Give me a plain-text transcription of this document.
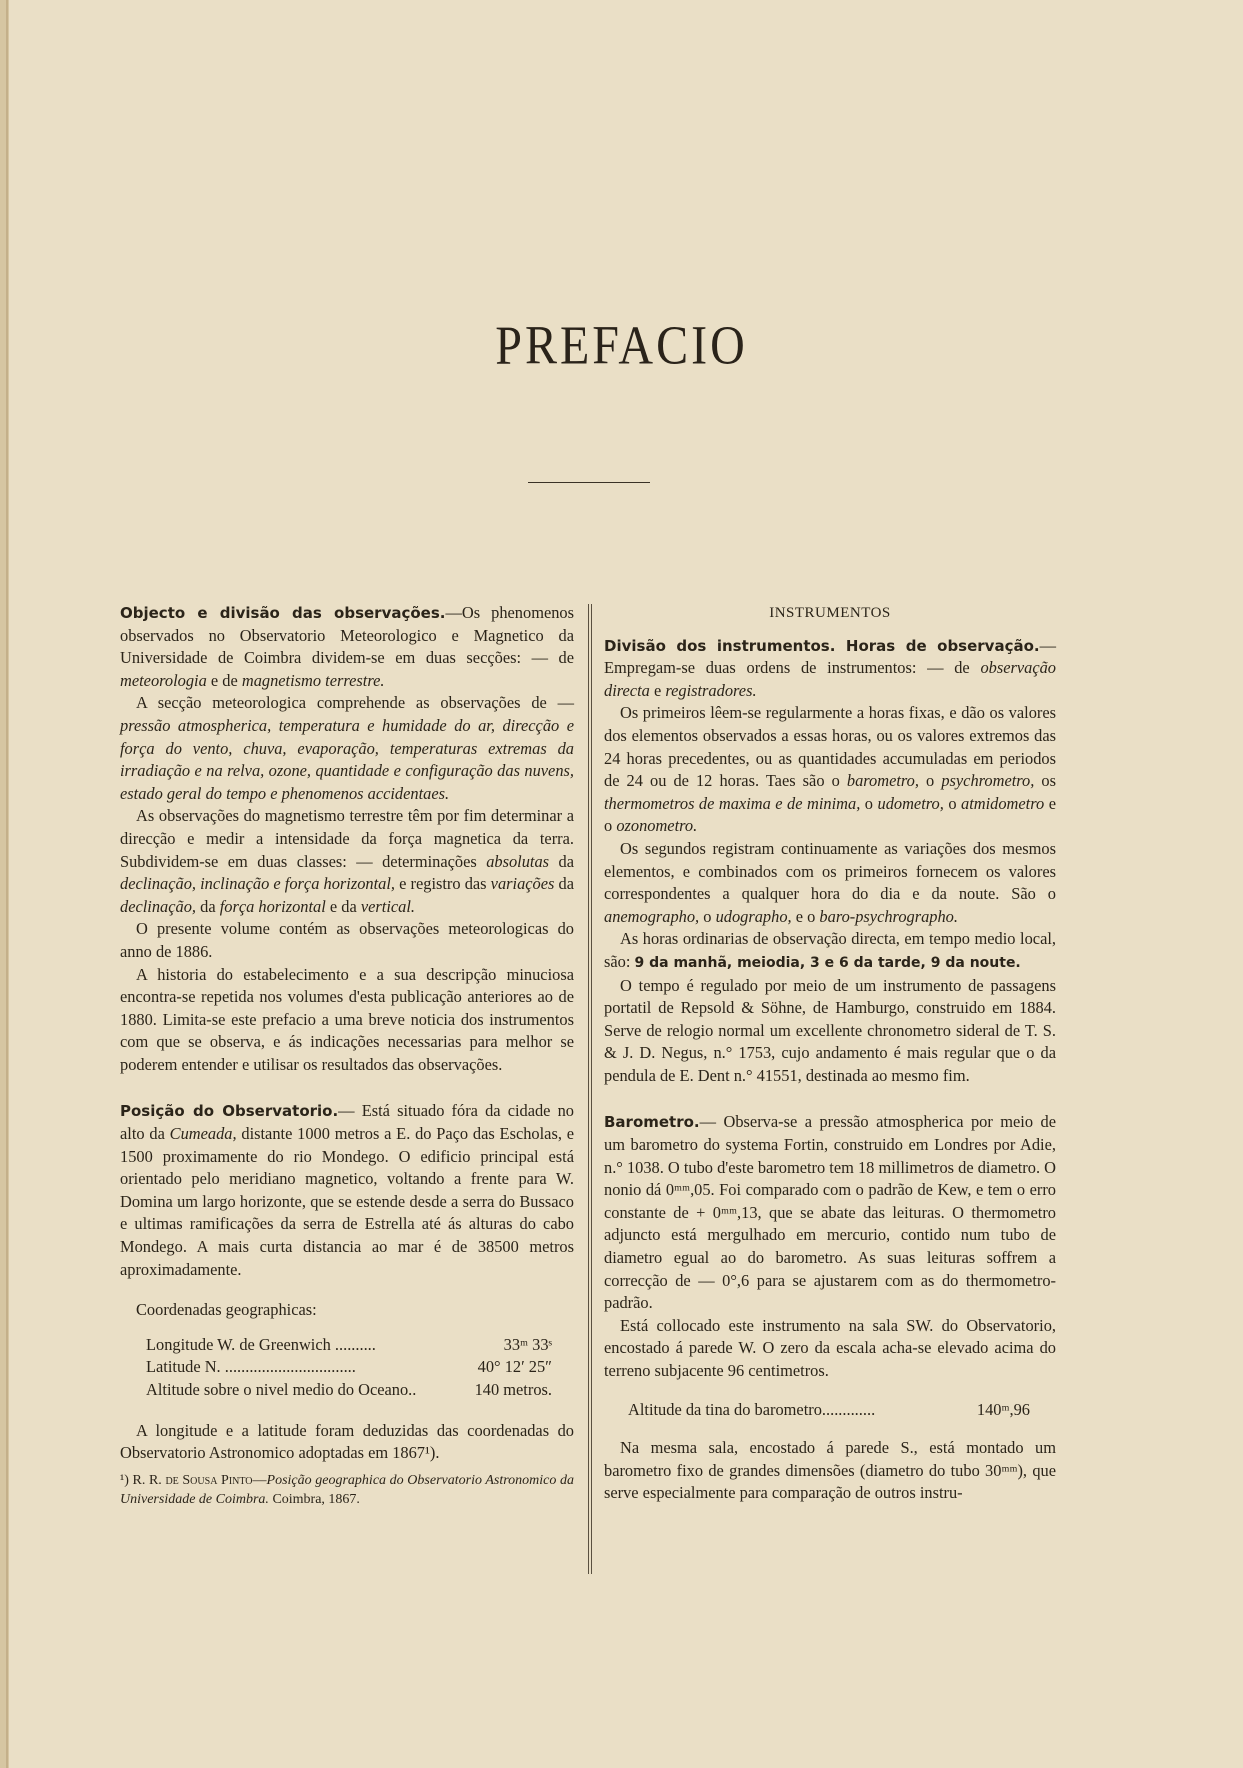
PREFACIO

Objecto e divisão das observações.—Os phenomenos observados no Observatorio Meteorologico e Magnetico da Universidade de Coimbra dividem-se em duas secções: — de meteorologia e de magnetismo terrestre.

A secção meteorologica comprehende as observações de — pressão atmospherica, temperatura e humidade do ar, direcção e força do vento, chuva, evaporação, temperaturas extremas da irradiação e na relva, ozone, quantidade e configuração das nuvens, estado geral do tempo e phenomenos accidentaes.

As observações do magnetismo terrestre têm por fim determinar a direcção e medir a intensidade da força magnetica da terra. Subdividem-se em duas classes: — determinações absolutas da declinação, inclinação e força horizontal, e registro das variações da declinação, da força horizontal e da vertical.

O presente volume contém as observações meteorologicas do anno de 1886.

A historia do estabelecimento e a sua descripção minuciosa encontra-se repetida nos volumes d'esta publicação anteriores ao de 1880. Limita-se este prefacio a uma breve noticia dos instrumentos com que se observa, e ás indicações necessarias para melhor se poderem entender e utilisar os resultados das observações.

Posição do Observatorio.— Está situado fóra da cidade no alto da Cumeada, distante 1000 metros a E. do Paço das Escholas, e 1500 proximamente do rio Mondego. O edificio principal está orientado pelo meridiano magnetico, voltando a frente para W. Domina um largo horizonte, que se estende desde a serra do Bussaco e ultimas ramificações da serra de Estrella até ás alturas do cabo Mondego. A mais curta distancia ao mar é de 38500 metros aproximadamente.

Coordenadas geographicas:

Longitude W. de Greenwich ..........	33ᵐ 33ˢ
Latitude N. ................................	40° 12′ 25″
Altitude sobre o nivel medio do Oceano..	140 metros.

A longitude e a latitude foram deduzidas das coordenadas do Observatorio Astronomico adoptadas em 1867¹).

¹) R. R. de Sousa Pinto—Posição geographica do Observatorio Astronomico da Universidade de Coimbra. Coimbra, 1867.

INSTRUMENTOS

Divisão dos instrumentos. Horas de observação.— Empregam-se duas ordens de instrumentos: — de observação directa e registradores.

Os primeiros lêem-se regularmente a horas fixas, e dão os valores dos elementos observados a essas horas, ou os valores extremos das 24 horas precedentes, ou as quantidades accumuladas em periodos de 24 ou de 12 horas. Taes são o barometro, o psychrometro, os thermometros de maxima e de minima, o udometro, o atmidometro e o ozonometro.

Os segundos registram continuamente as variações dos mesmos elementos, e combinados com os primeiros fornecem os valores correspondentes a qualquer hora do dia e da noute. São o anemographo, o udographo, e o baro-psychrographo.

As horas ordinarias de observação directa, em tempo medio local, são: 9 da manhã, meiodia, 3 e 6 da tarde, 9 da noute.

O tempo é regulado por meio de um instrumento de passagens portatil de Repsold & Söhne, de Hamburgo, construido em 1884. Serve de relogio normal um excellente chronometro sideral de T. S. & J. D. Negus, n.° 1753, cujo andamento é mais regular que o da pendula de E. Dent n.° 41551, destinada ao mesmo fim.

Barometro.— Observa-se a pressão atmospherica por meio de um barometro do systema Fortin, construido em Londres por Adie, n.° 1038. O tubo d'este barometro tem 18 millimetros de diametro. O nonio dá 0ᵐᵐ,05. Foi comparado com o padrão de Kew, e tem o erro constante de + 0ᵐᵐ,13, que se abate das leituras. O thermometro adjuncto está mergulhado em mercurio, contido num tubo de diametro egual ao do barometro. As suas leituras soffrem a correcção de — 0°,6 para se ajustarem com as do thermometro-padrão.

Está collocado este instrumento na sala SW. do Observatorio, encostado á parede W. O zero da escala acha-se elevado acima do terreno subjacente 96 centimetros.

Altitude da tina do barometro.............	140ᵐ,96

Na mesma sala, encostado á parede S., está montado um barometro fixo de grandes dimensões (diametro do tubo 30ᵐᵐ), que serve especialmente para comparação de outros instru-
